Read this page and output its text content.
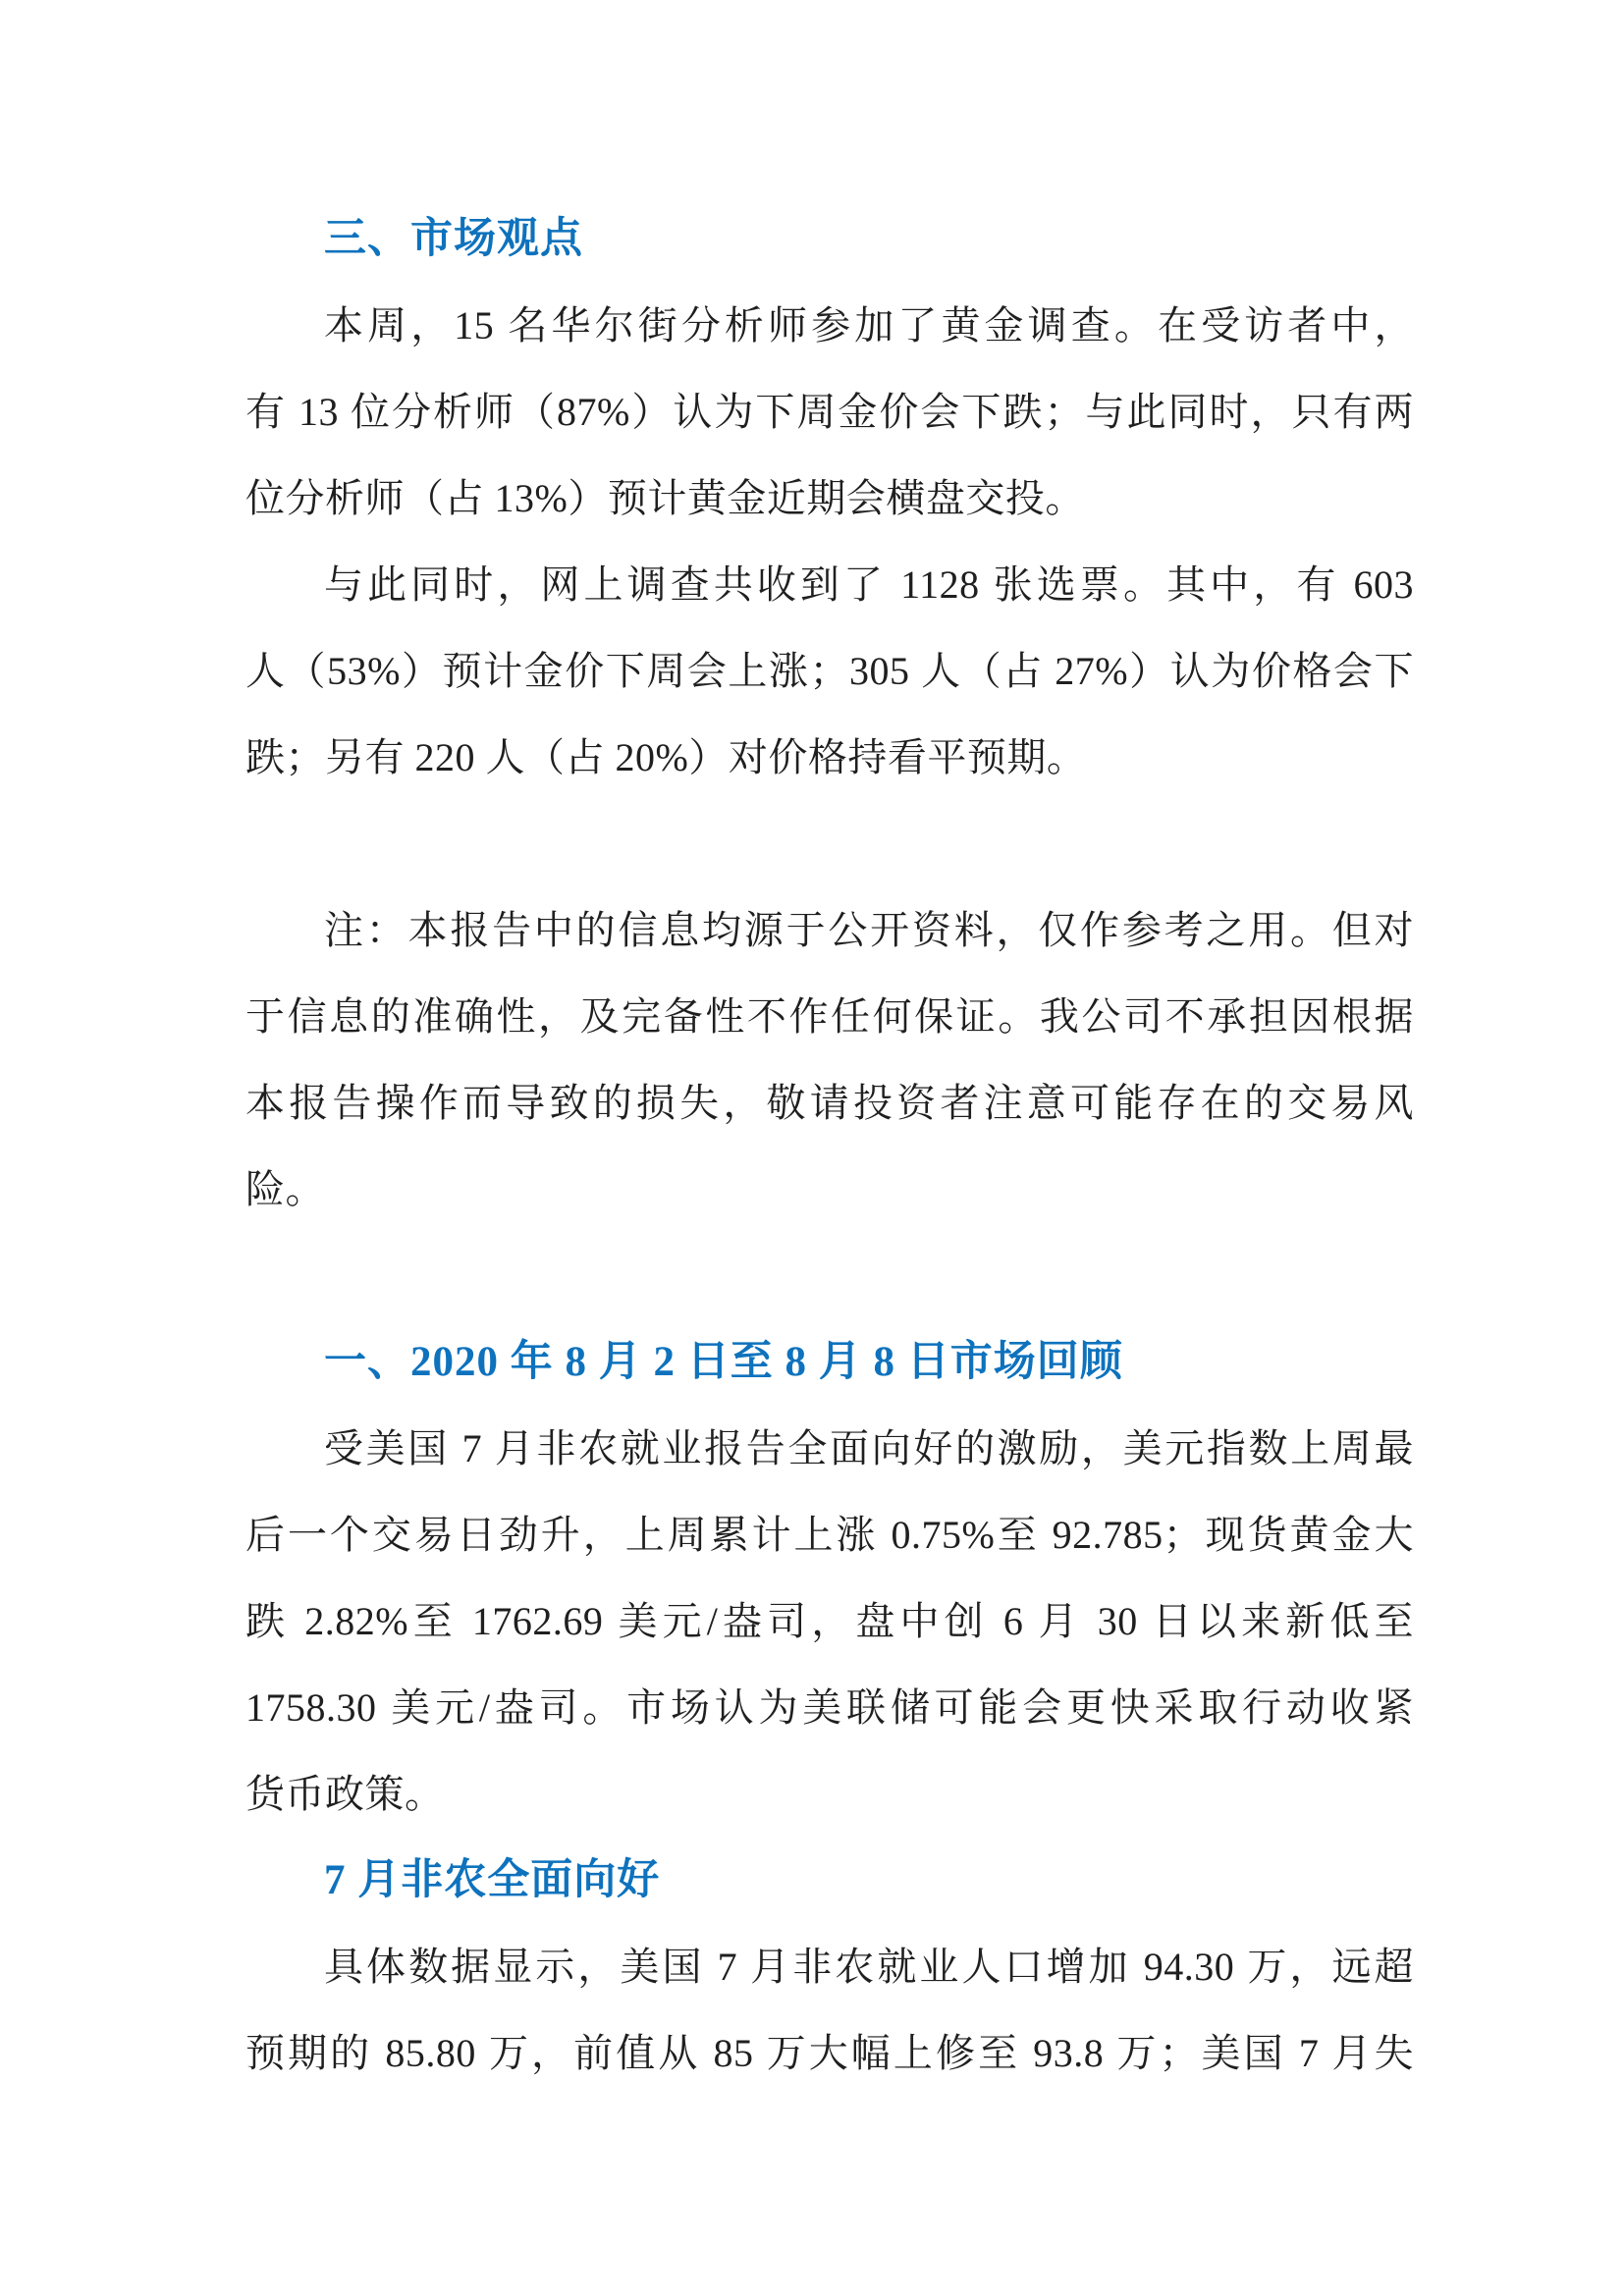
三、市场观点
本周，15 名华尔街分析师参加了黄金调查。在受访者中，
有 13 位分析师（87%）认为下周金价会下跌；与此同时，只有两
位分析师（占 13%）预计黄金近期会横盘交投。
与此同时，网上调查共收到了 1128 张选票。其中，有 603
人（53%）预计金价下周会上涨；305 人（占 27%）认为价格会下
跌；另有 220 人（占 20%）对价格持看平预期。
注：本报告中的信息均源于公开资料，仅作参考之用。但对
于信息的准确性，及完备性不作任何保证。我公司不承担因根据
本报告操作而导致的损失，敬请投资者注意可能存在的交易风
险。
一、2020 年 8 月 2 日至 8 月 8 日市场回顾
受美国 7 月非农就业报告全面向好的激励，美元指数上周最
后一个交易日劲升，上周累计上涨 0.75%至 92.785；现货黄金大
跌 2.82%至 1762.69 美元/盎司，盘中创 6 月 30 日以来新低至
1758.30 美元/盎司。市场认为美联储可能会更快采取行动收紧
货币政策。
7 月非农全面向好
具体数据显示，美国 7 月非农就业人口增加 94.30 万，远超
预期的 85.80 万，前值从 85 万大幅上修至 93.8 万；美国 7 月失
